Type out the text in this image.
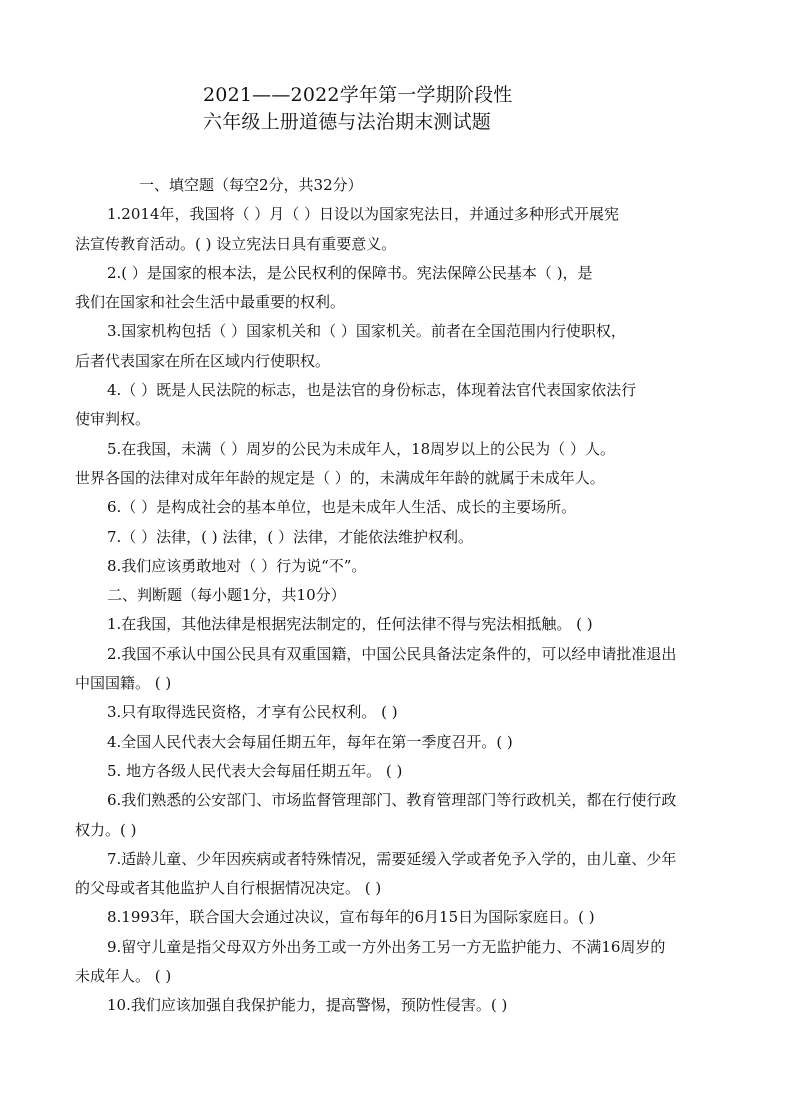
2021——2022学年第一学期阶段性
六年级上册道德与法治期末测试题
一、填空题（每空2分，共32分）
1.2014年，我国将（ ）月（ ）日设以为国家宪法日，并通过多种形式开展宪
法宣传教育活动。( ) 设立宪法日具有重要意义。
2.( ）是国家的根本法，是公民权利的保障书。宪法保障公民基本（ )，是
我们在国家和社会生活中最重要的权利。
3.国家机构包括（ ）国家机关和（ ）国家机关。前者在全国范围内行使职权，
后者代表国家在所在区域内行使职权。
4.（ ）既是人民法院的标志，也是法官的身份标志，体现着法官代表国家依法行
使审判权。
5.在我国，未满（ ）周岁的公民为未成年人，18周岁以上的公民为（ ）人。
世界各国的法律对成年年龄的规定是（ ）的，未满成年年龄的就属于未成年人。
6.（ ）是构成社会的基本单位，也是未成年人生活、成长的主要场所。
7.（ ）法律，( ) 法律，( ）法律，才能依法维护权利。
8.我们应该勇敢地对（ ）行为说“不”。
二、判断题（每小题1分，共10分）
1.在我国，其他法律是根据宪法制定的，任何法律不得与宪法相抵触。 ( )
2.我国不承认中国公民具有双重国籍，中国公民具备法定条件的，可以经申请批准退出
中国国籍。 ( )
3.只有取得选民资格，才享有公民权利。 ( )
4.全国人民代表大会每届任期五年，每年在第一季度召开。( )
5. 地方各级人民代表大会每届任期五年。 ( )
6.我们熟悉的公安部门、市场监督管理部门、教育管理部门等行政机关，都在行使行政
权力。( )
7.适龄儿童、少年因疾病或者特殊情况，需要延缓入学或者免予入学的，由儿童、少年
的父母或者其他监护人自行根据情况决定。 ( )
8.1993年，联合国大会通过决议，宣布每年的6月15日为国际家庭日。( )
9.留守儿童是指父母双方外出务工或一方外出务工另一方无监护能力、不满16周岁的
未成年人。 ( )
10.我们应该加强自我保护能力，提高警惕，预防性侵害。( )
